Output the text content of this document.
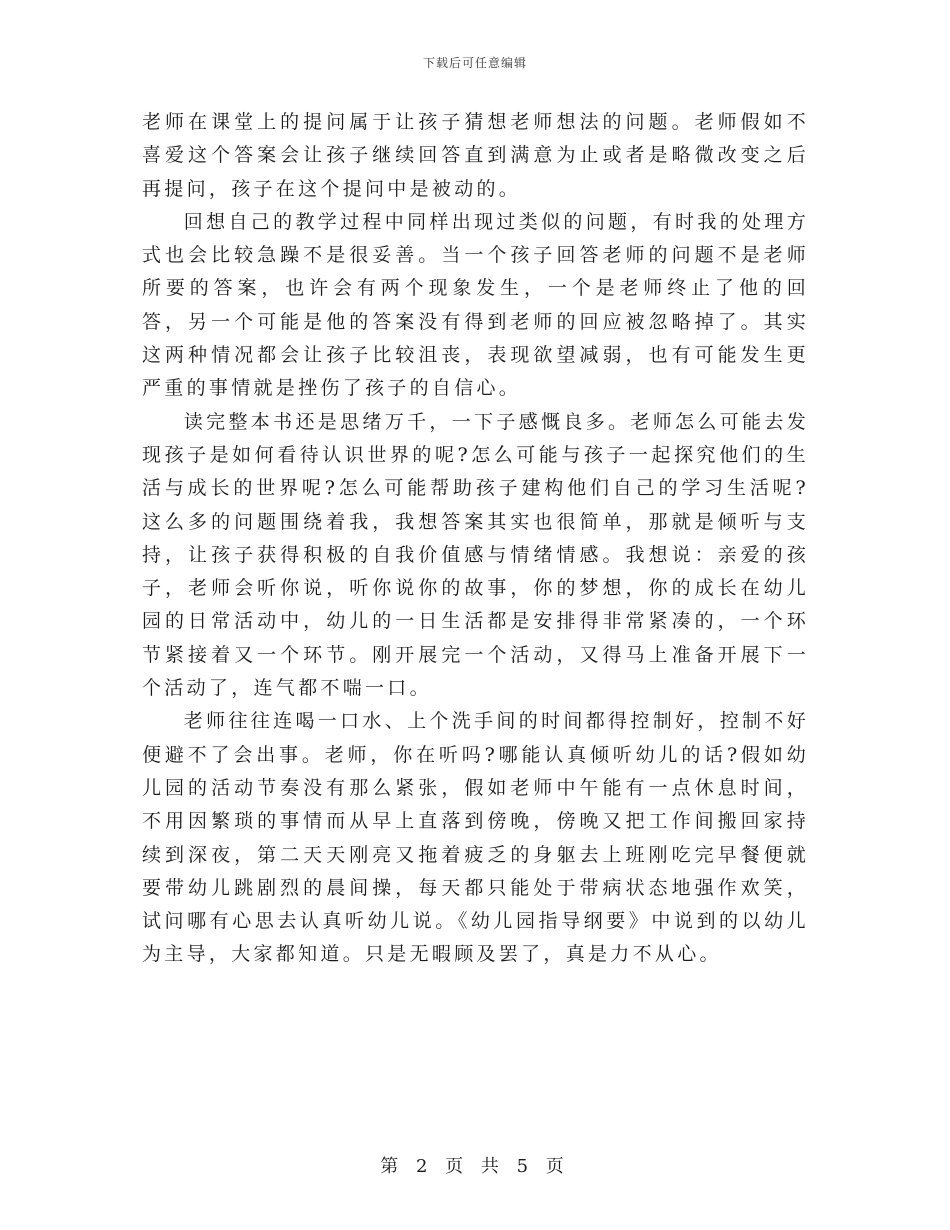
下载后可任意编辑

老师在课堂上的提问属于让孩子猜想老师想法的问题。老师假如不喜爱这个答案会让孩子继续回答直到满意为止或者是略微改变之后再提问，孩子在这个提问中是被动的。

回想自己的教学过程中同样出现过类似的问题，有时我的处理方式也会比较急躁不是很妥善。当一个孩子回答老师的问题不是老师所要的答案，也许会有两个现象发生，一个是老师终止了他的回答，另一个可能是他的答案没有得到老师的回应被忽略掉了。其实这两种情况都会让孩子比较沮丧，表现欲望减弱，也有可能发生更严重的事情就是挫伤了孩子的自信心。

读完整本书还是思绪万千，一下子感慨良多。老师怎么可能去发现孩子是如何看待认识世界的呢?怎么可能与孩子一起探究他们的生活与成长的世界呢?怎么可能帮助孩子建构他们自己的学习生活呢?这么多的问题围绕着我，我想答案其实也很简单，那就是倾听与支持，让孩子获得积极的自我价值感与情绪情感。我想说：亲爱的孩子，老师会听你说，听你说你的故事，你的梦想，你的成长在幼儿园的日常活动中，幼儿的一日生活都是安排得非常紧凑的，一个环节紧接着又一个环节。刚开展完一个活动，又得马上准备开展下一个活动了，连气都不喘一口。

老师往往连喝一口水、上个洗手间的时间都得控制好，控制不好便避不了会出事。老师，你在听吗?哪能认真倾听幼儿的话?假如幼儿园的活动节奏没有那么紧张，假如老师中午能有一点休息时间，不用因繁琐的事情而从早上直落到傍晚，傍晚又把工作间搬回家持续到深夜，第二天天刚亮又拖着疲乏的身躯去上班刚吃完早餐便就要带幼儿跳剧烈的晨间操，每天都只能处于带病状态地强作欢笑，试问哪有心思去认真听幼儿说。《幼儿园指导纲要》中说到的以幼儿为主导，大家都知道。只是无暇顾及罢了，真是力不从心。

第 2 页 共 5 页
